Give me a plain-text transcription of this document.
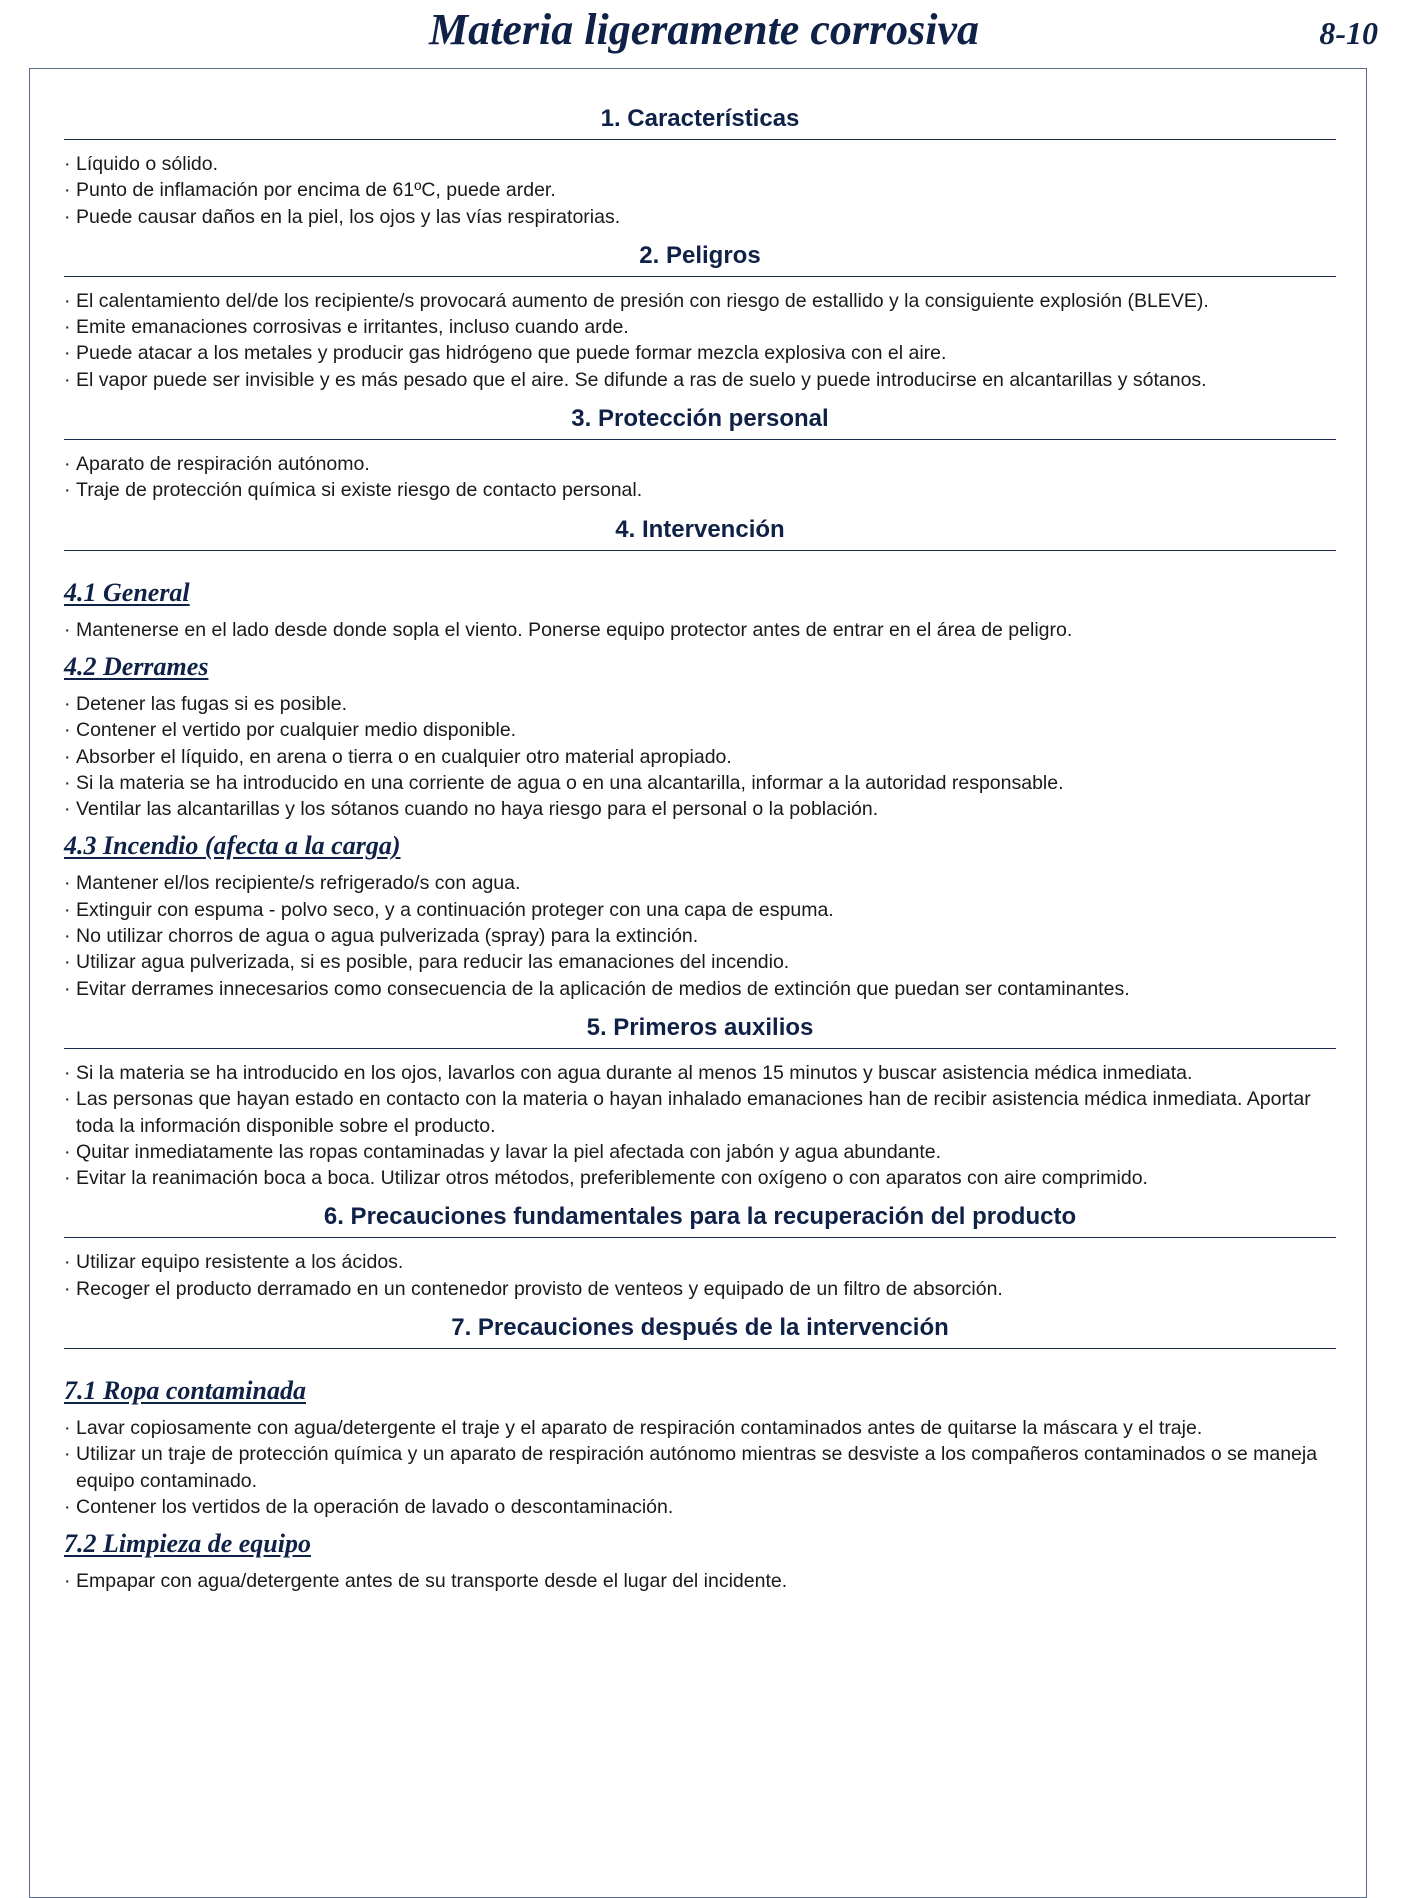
Materia ligeramente corrosiva	8-10
1. Características
· Líquido o sólido.
· Punto de inflamación por encima de 61ºC, puede arder.
· Puede causar daños en la piel, los ojos y las vías respiratorias.
2. Peligros
· El calentamiento del/de los recipiente/s provocará aumento de presión con riesgo de estallido y la consiguiente explosión (BLEVE).
· Emite emanaciones corrosivas e irritantes, incluso cuando arde.
· Puede atacar a los metales y producir gas hidrógeno que puede formar mezcla explosiva con el aire.
· El vapor puede ser invisible y es más pesado que el aire. Se difunde a ras de suelo y puede introducirse en alcantarillas y sótanos.
3. Protección personal
· Aparato de respiración autónomo.
· Traje de protección química si existe riesgo de contacto personal.
4. Intervención
4.1 General
· Mantenerse en el lado desde donde sopla el viento. Ponerse equipo protector antes de entrar en el área de peligro.
4.2 Derrames
· Detener las fugas si es posible.
· Contener el vertido por cualquier medio disponible.
· Absorber el líquido, en arena o tierra o en cualquier otro material apropiado.
· Si la materia se ha introducido en una corriente de agua o en una alcantarilla, informar a la autoridad responsable.
· Ventilar las alcantarillas y los sótanos cuando no haya riesgo para el personal o la población.
4.3 Incendio (afecta a la carga)
· Mantener el/los recipiente/s refrigerado/s con agua.
· Extinguir con espuma - polvo seco, y a continuación proteger con una capa de espuma.
· No utilizar chorros de agua o agua pulverizada (spray) para la extinción.
· Utilizar agua pulverizada, si es posible, para reducir las emanaciones del incendio.
· Evitar derrames innecesarios como consecuencia de la aplicación de medios de extinción que puedan ser contaminantes.
5. Primeros auxilios
· Si la materia se ha introducido en los ojos, lavarlos con agua durante al menos 15 minutos y buscar asistencia médica inmediata.
· Las personas que hayan estado en contacto con la materia o hayan inhalado emanaciones han de recibir asistencia médica inmediata. Aportar toda la información disponible sobre el producto.
· Quitar inmediatamente las ropas contaminadas y lavar la piel afectada con jabón y agua abundante.
· Evitar la reanimación boca a boca. Utilizar otros métodos, preferiblemente con oxígeno o con aparatos con aire comprimido.
6. Precauciones fundamentales para la recuperación del producto
· Utilizar equipo resistente a los ácidos.
· Recoger el producto derramado en un contenedor provisto de venteos y equipado de un filtro de absorción.
7. Precauciones después de la intervención
7.1 Ropa contaminada
· Lavar copiosamente con agua/detergente el traje y el aparato de respiración contaminados antes de quitarse la máscara y el traje.
· Utilizar un traje de protección química y un aparato de respiración autónomo mientras se desviste a los compañeros contaminados o se maneja equipo contaminado.
· Contener los vertidos de la operación de lavado o descontaminación.
7.2 Limpieza de equipo
· Empapar con agua/detergente antes de su transporte desde el lugar del incidente.
